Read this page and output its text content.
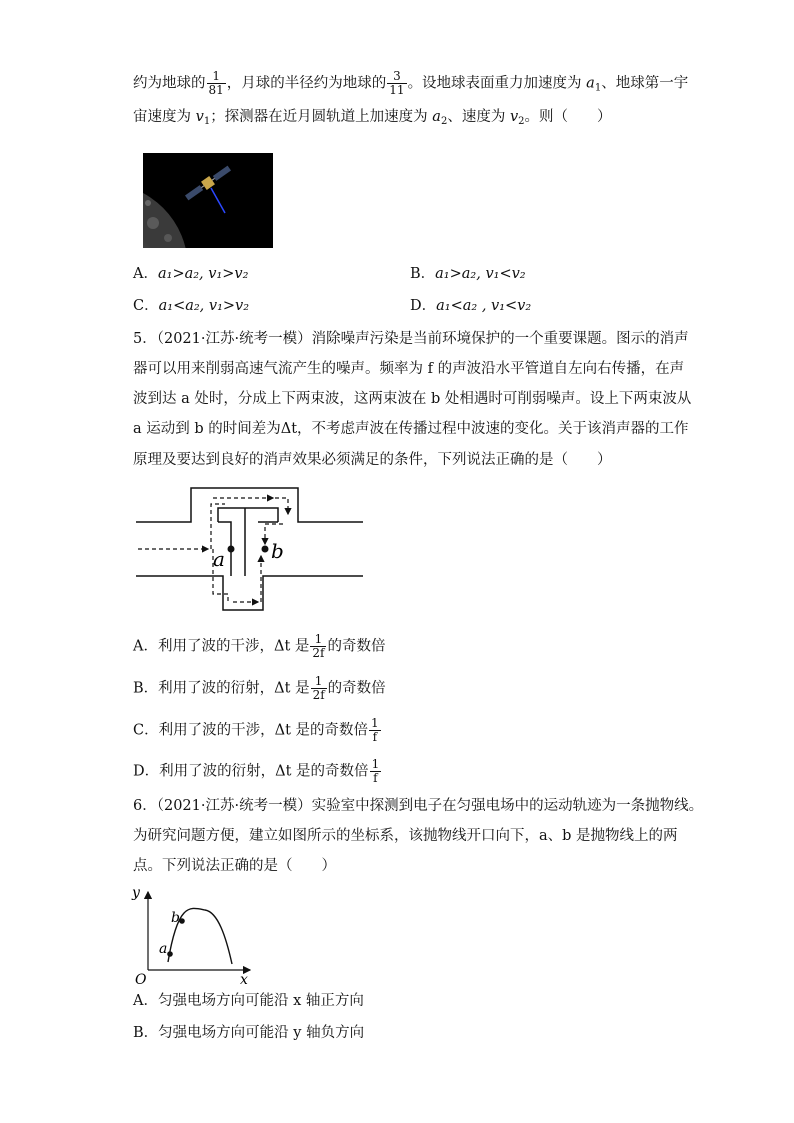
约为地球的 $\frac{1}{81}$ ，月球的半径约为地球的 $\frac{3}{11}$ 。设地球表面重力加速度为 $a_1$、地球第一宇
宙速度为 $v_1$；探测器在近月圆轨道上加速度为 $a_2$、速度为 $v_2$。则（　　）
A．a₁>a₂, v₁>v₂	B．a₁>a₂, v₁<v₂
C．a₁<a₂, v₁>v₂	D．a₁<a₂ , v₁<v₂
5．（2021·江苏·统考一模）消除噪声污染是当前环境保护的一个重要课题。图示的消声
器可以用来削弱高速气流产生的噪声。频率为 f 的声波沿水平管道自左向右传播，在声
波到达 a 处时，分成上下两束波，这两束波在 b 处相遇时可削弱噪声。设上下两束波从
a 运动到 b 的时间差为Δt，不考虑声波在传播过程中波速的变化。关于该消声器的工作
原理及要达到良好的消声效果必须满足的条件，下列说法正确的是（　　）
a b
A．利用了波的干涉，Δt 是 $\frac{1}{2f}$ 的奇数倍
B．利用了波的衍射，Δt 是 $\frac{1}{2f}$ 的奇数倍
C．利用了波的干涉，Δt 是的奇数倍 $\frac{1}{f}$
D．利用了波的衍射，Δt 是的奇数倍 $\frac{1}{f}$
6．（2021·江苏·统考一模）实验室中探测到电子在匀强电场中的运动轨迹为一条抛物线。
为研究问题方便，建立如图所示的坐标系，该抛物线开口向下，a、b 是抛物线上的两
点。下列说法正确的是（　　）
y
x
O
a
b
A．匀强电场方向可能沿 x 轴正方向
B．匀强电场方向可能沿 y 轴负方向
